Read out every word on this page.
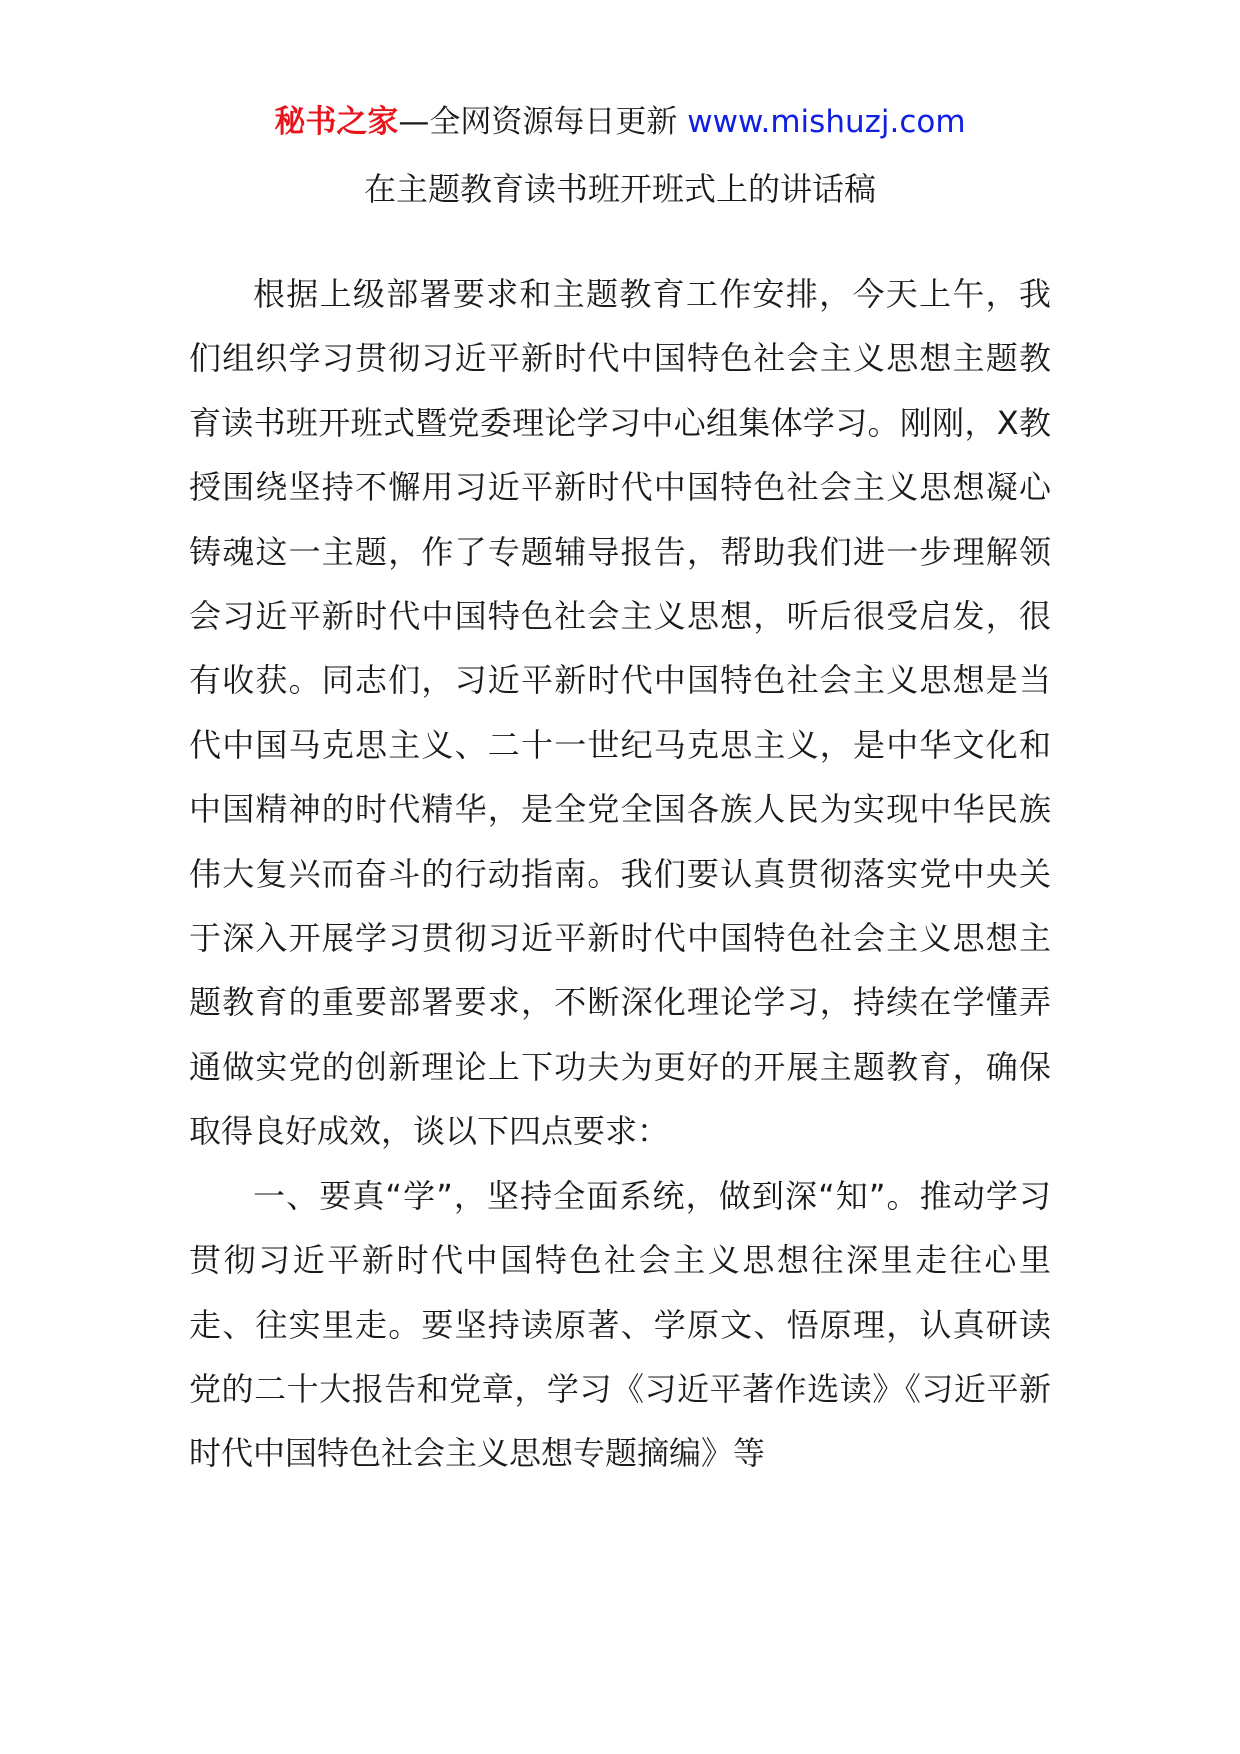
秘书之家—全网资源每日更新 www.mishuzj.com
在主题教育读书班开班式上的讲话稿

根据上级部署要求和主题教育工作安排，今天上午，我们组织学习贯彻习近平新时代中国特色社会主义思想主题教育读书班开班式暨党委理论学习中心组集体学习。刚刚，X教授围绕坚持不懈用习近平新时代中国特色社会主义思想凝心铸魂这一主题，作了专题辅导报告，帮助我们进一步理解领会习近平新时代中国特色社会主义思想，听后很受启发，很有收获。同志们，习近平新时代中国特色社会主义思想是当代中国马克思主义、二十一世纪马克思主义，是中华文化和中国精神的时代精华，是全党全国各族人民为实现中华民族伟大复兴而奋斗的行动指南。我们要认真贯彻落实党中央关于深入开展学习贯彻习近平新时代中国特色社会主义思想主题教育的重要部署要求，不断深化理论学习，持续在学懂弄通做实党的创新理论上下功夫为更好的开展主题教育，确保取得良好成效，谈以下四点要求：

一、要真“学”，坚持全面系统，做到深“知”。推动学习贯彻习近平新时代中国特色社会主义思想往深里走往心里走、往实里走。要坚持读原著、学原文、悟原理，认真研读党的二十大报告和党章，学习《习近平著作选读》《习近平新时代中国特色社会主义思想专题摘编》等
